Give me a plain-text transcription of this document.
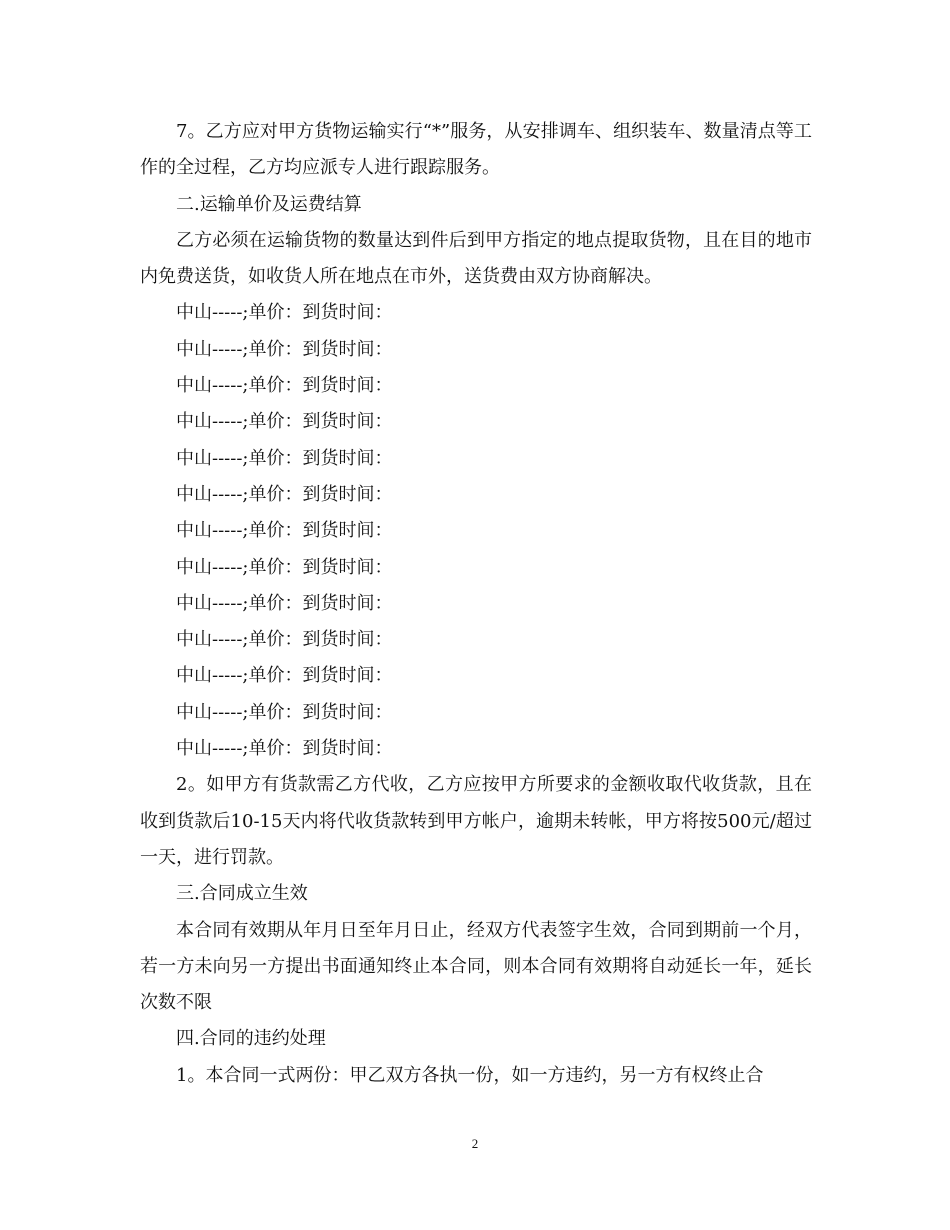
7。乙方应对甲方货物运输实行“*”服务，从安排调车、组织装车、数量清点等工作的全过程，乙方均应派专人进行跟踪服务。

二.运输单价及运费结算

乙方必须在运输货物的数量达到件后到甲方指定的地点提取货物，且在目的地市内免费送货，如收货人所在地点在市外，送货费由双方协商解决。

中山-----;单价：到货时间：
中山-----;单价：到货时间：
中山-----;单价：到货时间：
中山-----;单价：到货时间：
中山-----;单价：到货时间：
中山-----;单价：到货时间：
中山-----;单价：到货时间：
中山-----;单价：到货时间：
中山-----;单价：到货时间：
中山-----;单价：到货时间：
中山-----;单价：到货时间：
中山-----;单价：到货时间：
中山-----;单价：到货时间：

2。如甲方有货款需乙方代收，乙方应按甲方所要求的金额收取代收货款，且在收到货款后10-15天内将代收货款转到甲方帐户，逾期未转帐，甲方将按500元/超过一天，进行罚款。

三.合同成立生效

本合同有效期从年月日至年月日止，经双方代表签字生效，合同到期前一个月，若一方未向另一方提出书面通知终止本合同，则本合同有效期将自动延长一年，延长次数不限

四.合同的违约处理

1。本合同一式两份：甲乙双方各执一份，如一方违约，另一方有权终止合

2
